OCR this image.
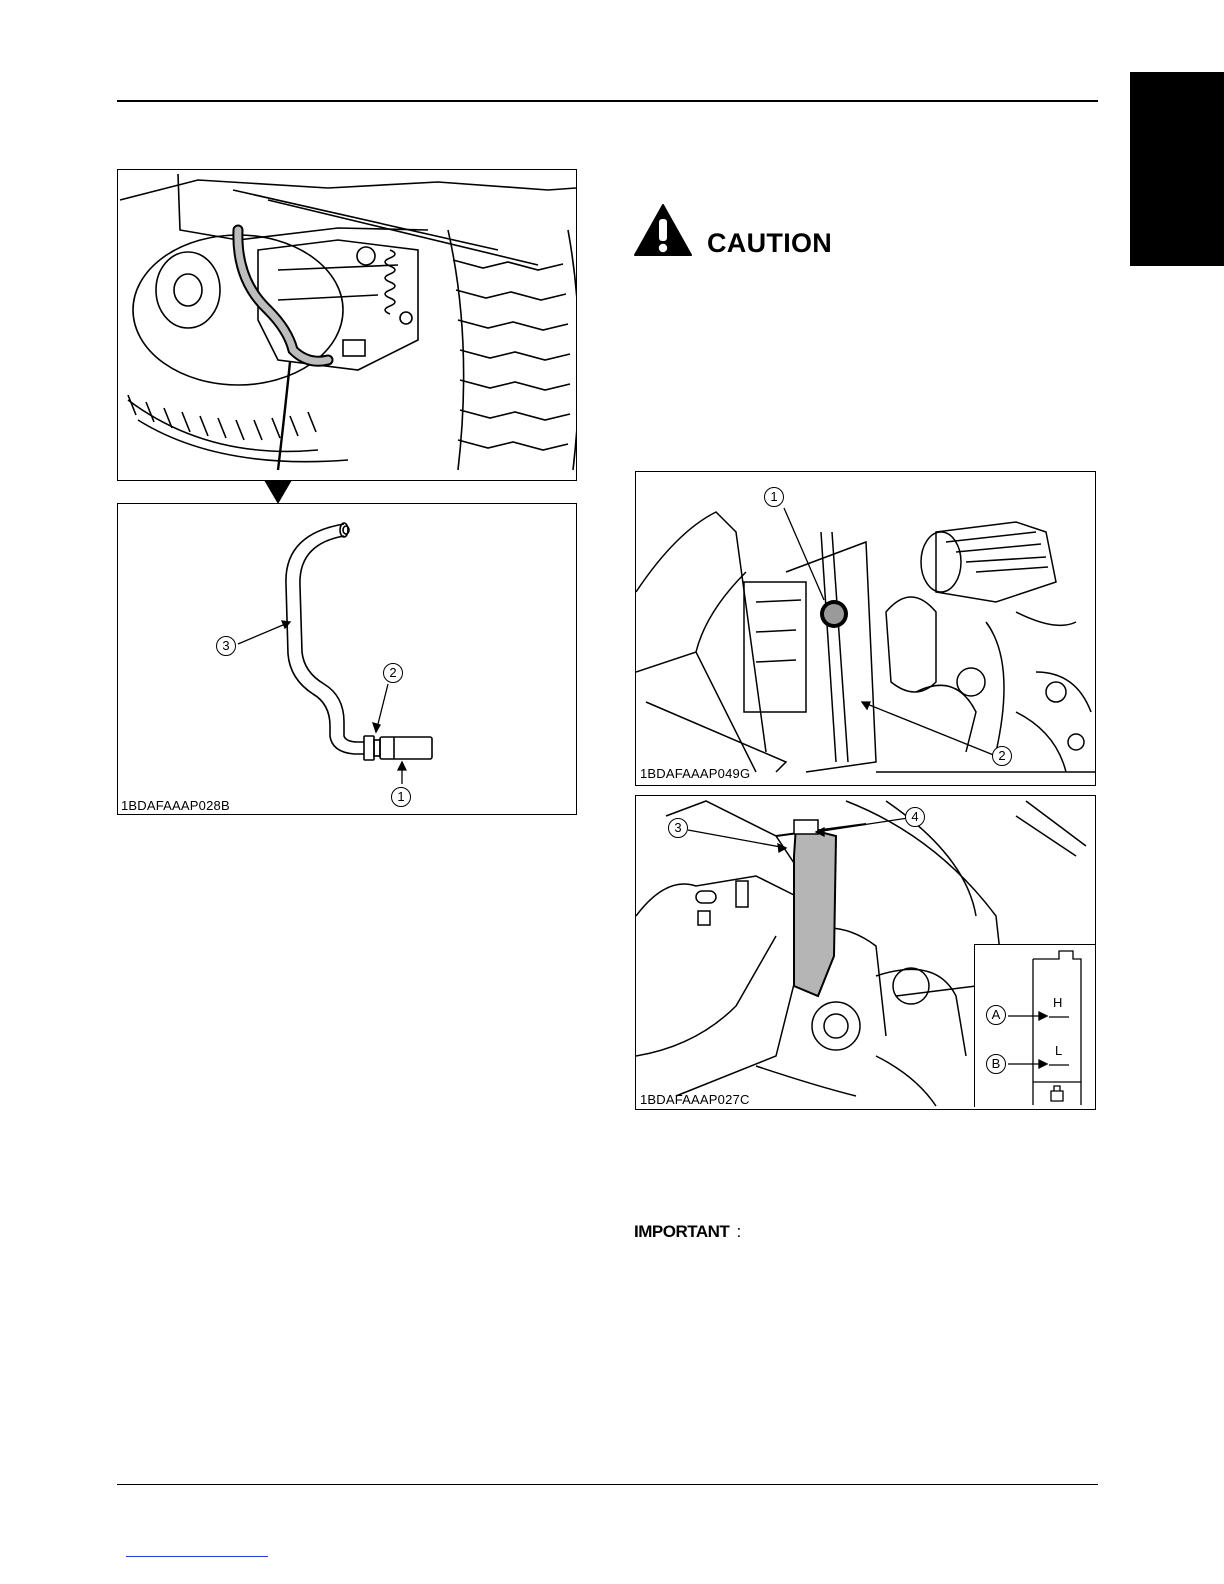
3
2
1
1BDAFAAAP028B
CAUTION
1
2
1BDAFAAAP049G
3
4
1BDAFAAAP027C
A
B
H
L
IMPORTANT :
